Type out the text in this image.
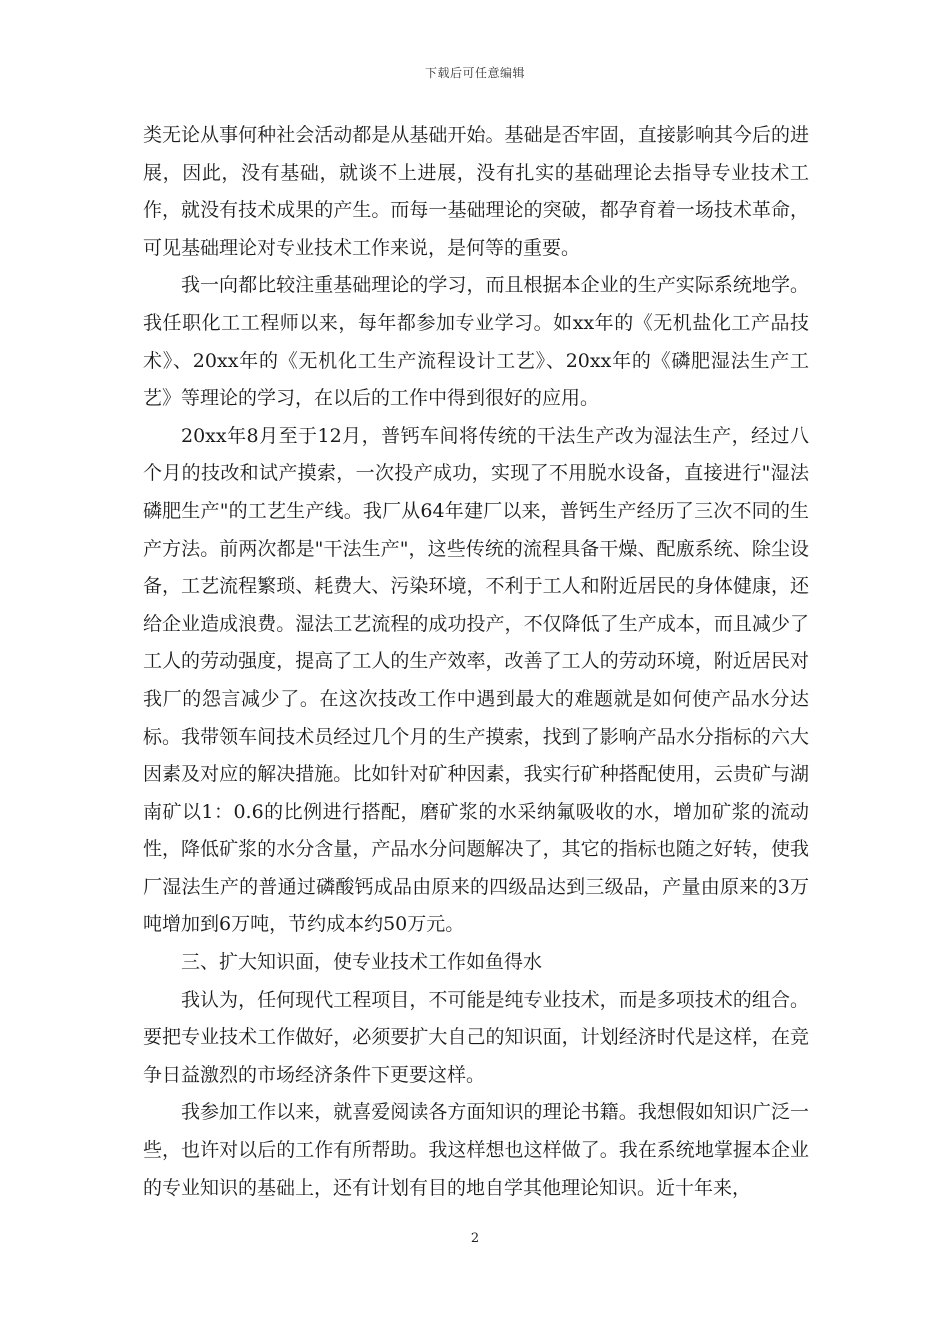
下载后可任意编辑

类无论从事何种社会活动都是从基础开始。基础是否牢固，直接影响其今后的进展，因此，没有基础，就谈不上进展，没有扎实的基础理论去指导专业技术工作，就没有技术成果的产生。而每一基础理论的突破，都孕育着一场技术革命，可见基础理论对专业技术工作来说，是何等的重要。

我一向都比较注重基础理论的学习，而且根据本企业的生产实际系统地学。我任职化工工程师以来，每年都参加专业学习。如xx年的《无机盐化工产品技术》、20xx年的《无机化工生产流程设计工艺》、20xx年的《磷肥湿法生产工艺》等理论的学习，在以后的工作中得到很好的应用。

20xx年8月至于12月，普钙车间将传统的干法生产改为湿法生产，经过八个月的技改和试产摸索，一次投产成功，实现了不用脱水设备，直接进行"湿法磷肥生产"的工艺生产线。我厂从64年建厂以来，普钙生产经历了三次不同的生产方法。前两次都是"干法生产"，这些传统的流程具备干燥、配廒系统、除尘设备，工艺流程繁琐、耗费大、污染环境，不利于工人和附近居民的身体健康，还给企业造成浪费。湿法工艺流程的成功投产，不仅降低了生产成本，而且减少了工人的劳动强度，提高了工人的生产效率，改善了工人的劳动环境，附近居民对我厂的怨言减少了。在这次技改工作中遇到最大的难题就是如何使产品水分达标。我带领车间技术员经过几个月的生产摸索，找到了影响产品水分指标的六大因素及对应的解决措施。比如针对矿种因素，我实行矿种搭配使用，云贵矿与湖南矿以1：0.6的比例进行搭配，磨矿浆的水采纳氟吸收的水，增加矿浆的流动性，降低矿浆的水分含量，产品水分问题解决了，其它的指标也随之好转，使我厂湿法生产的普通过磷酸钙成品由原来的四级品达到三级品，产量由原来的3万吨增加到6万吨，节约成本约50万元。

三、扩大知识面，使专业技术工作如鱼得水

我认为，任何现代工程项目，不可能是纯专业技术，而是多项技术的组合。要把专业技术工作做好，必须要扩大自己的知识面，计划经济时代是这样，在竞争日益激烈的市场经济条件下更要这样。

我参加工作以来，就喜爱阅读各方面知识的理论书籍。我想假如知识广泛一些，也许对以后的工作有所帮助。我这样想也这样做了。我在系统地掌握本企业的专业知识的基础上，还有计划有目的地自学其他理论知识。近十年来，

2
